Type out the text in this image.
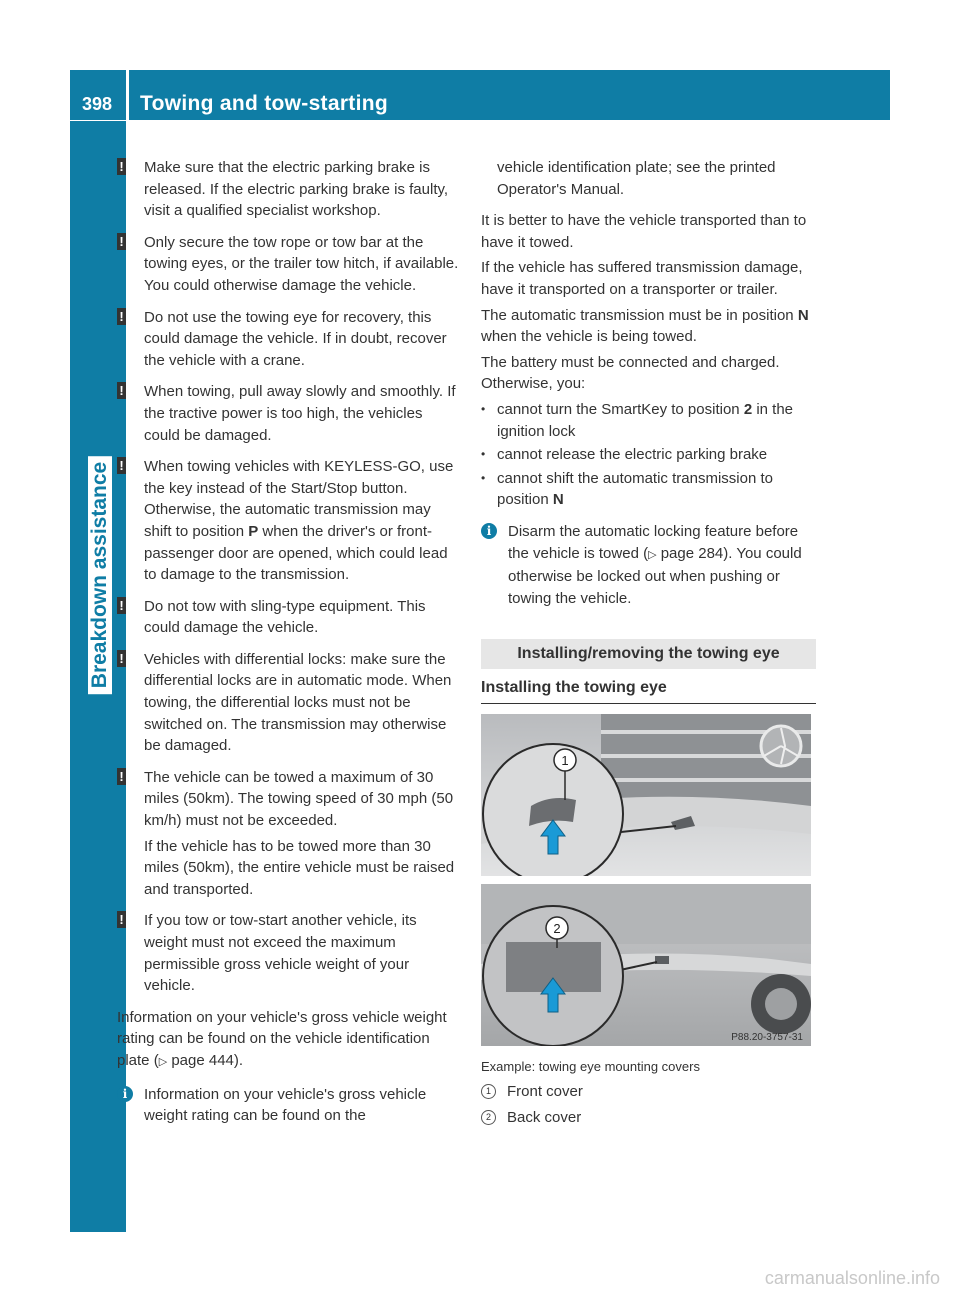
398	Towing and tow-starting
Breakdown assistance
! Make sure that the electric parking brake is released. If the electric parking brake is faulty, visit a qualified specialist workshop.
! Only secure the tow rope or tow bar at the towing eyes, or the trailer tow hitch, if available. You could otherwise damage the vehicle.
! Do not use the towing eye for recovery, this could damage the vehicle. If in doubt, recover the vehicle with a crane.
! When towing, pull away slowly and smoothly. If the tractive power is too high, the vehicles could be damaged.
! When towing vehicles with KEYLESS-GO, use the key instead of the Start/Stop button. Otherwise, the automatic transmission may shift to position P when the driver's or front-passenger door are opened, which could lead to damage to the transmission.
! Do not tow with sling-type equipment. This could damage the vehicle.
! Vehicles with differential locks: make sure the differential locks are in automatic mode. When towing, the differential locks must not be switched on. The transmission may otherwise be damaged.
! The vehicle can be towed a maximum of 30 miles (50km). The towing speed of 30 mph (50 km/h) must not be exceeded.

If the vehicle has to be towed more than 30 miles (50km), the entire vehicle must be raised and transported.

! If you tow or tow-start another vehicle, its weight must not exceed the maximum permissible gross vehicle weight of your vehicle.

Information on your vehicle's gross vehicle weight rating can be found on the vehicle identification plate (▷ page 444).

i	Information on your vehicle's gross vehicle weight rating can be found on the

vehicle identification plate; see the printed Operator's Manual.

It is better to have the vehicle transported than to have it towed.

If the vehicle has suffered transmission damage, have it transported on a transporter or trailer.

The automatic transmission must be in position N when the vehicle is being towed.

The battery must be connected and charged. Otherwise, you:

• cannot turn the SmartKey to position 2 in the ignition lock
• cannot release the electric parking brake
• cannot shift the automatic transmission to position N
i	Disarm the automatic locking feature before the vehicle is towed (▷ page 284). You could otherwise be locked out when pushing or towing the vehicle.
Installing/removing the towing eye
Installing the towing eye
1
2
P88.20-3757-31
Example: towing eye mounting covers
1	Front cover
2	Back cover
carmanualsonline.info
